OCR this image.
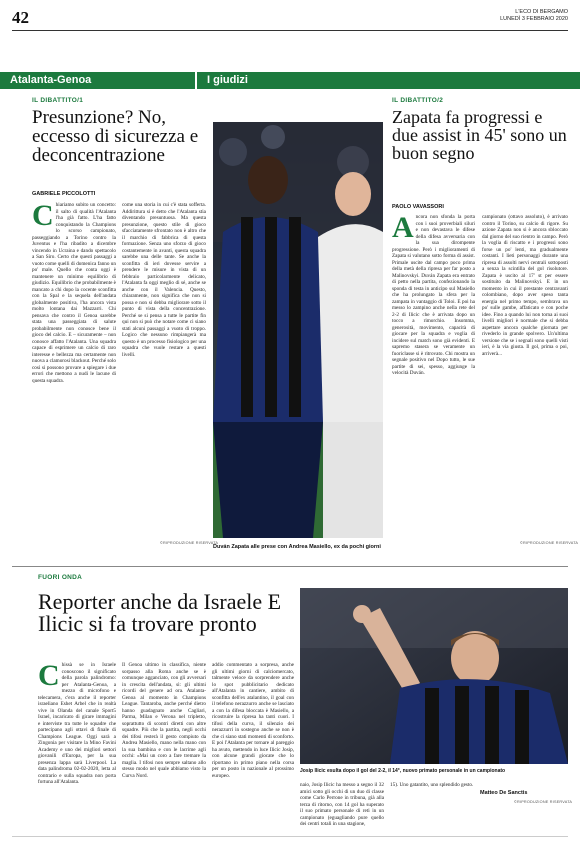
42	L'ECO DI BERGAMO
LUNEDÌ 3 FEBBRAIO 2020
Atalanta-Genoa	I giudizi
IL DIBATTITO/1
Presunzione? No, eccesso di sicurezza e deconcentrazione
GABRIELE PICCOLOTTI
Chiariamo subito un concetto: il salto di qualità l'Atalanta l'ha già fatto. L'ha fatto conquistando la Champions lo scorso campionato, passeggiando a Torino contro la Juventus e l'ha ribadito a dicembre vincendo in Ucraina e dando spettacolo a San Siro. Certo che questi passaggi a vuoto come quelli di domenica fanno un po' male. Quello che conta oggi è mantenere un minimo equilibrio di giudizio. Equilibrio che probabilmente è mancato a chi dopo la cocente sconfitta con la Spal e la sequela dell'andata globalmente positiva, l'ha ancora vista molto lontana dai Mazzarri. Chi pensava che contro il Genoa sarebbe stata una passeggiata di salute probabilmente non conosce bene il gioco del calcio. E – sicuramente – non conosce affatto l'Atalanta. Una squadra capace di esprimere un calcio di raro interesse e bellezza ma certamente non nuova a clamorosi blackout. Perché solo così si possono provare a spiegare i due errori che mettono a nudi le lacune di questa squadra.
come una storia in cui c'è stata sofferta. Addirittura si è detto che l'Atalanta stia diventando presuntuosa. Ma questa presunzione, questo stile di gioco sfacciatamente sfrontato non è altro che il marchio di fabbrica di questa formazione. Senza uno sforzo di gioco costantemente in avanti, questa squadra sarebbe una delle tante. Se anche la sconfitta di ieri dovesse servire a prendere le misure in vista di un febbraio particolarmente delicato, l'Atalanta fa oggi meglio di sé, anche se anche con il Valencia. Questo, chiaramente, non significa che non si possa e non si debba migliorare sotto il punto di vista della concentrazione. Perché se si pensa a tutte le partite fin qui non si può che notare come ci siano stati alcuni passaggi a vuoto di troppo. Logico che nessuno rimpiangerà ma questo è un processo fisiologico per una squadra che vuole restare a questi livelli.
©RIPRODUZIONE RISERVATA
Duván Zapata alle prese con Andrea Masiello, ex da pochi giorni
IL DIBATTITO/2
Zapata fa progressi e due assist in 45' sono un buon segno
PAOLO VAVASSORI
Ancora non sfonda la porta con i suoi proverbiali siluri e non devastava le difese della difesa avversaria con la sua dirompente progressione. Però i miglioramenti di Zapata si valutano sotto forma di assist. Primale uscite dal campo poco prima della metà della ripresa per far posto a Malinovskyi. Duván Zapata era entrato di petto nella partita, confezionando la sponda di testa in anticipo sul Masiello che ha prolungato la sfera per la zampata in vantaggio di Toloi. E poi ha messo lo zampino anche nella rete del 2-2 di Ilicic che è arrivata dopo un tocco a rimorchio. Insomma, generosità, movimento, capacità di giocare per la squadra e voglia di incidere sul match sono già evidenti. E sapremo stasera se veramente un fuoriclasse si è ritrovato. Chi mostra un segnale positivo nel Dopo tutto, le sue partite di sei, spesso, aggiunge la velocità Duván.
campionato (ottavo assoluto), è arrivato contro il Torino, su calcio di rigore. Su azione Zapata non si è ancora sbloccato dal giorno del suo rientro in campo. Però la voglia di riscatto e i progressi sono forse un po' lenti, ma gradualmente costanti. I lieti personaggi durante una ripresa di assolti nervi centrali sottoposti a senza la scintilla del gol risolutore. Zapata è uscito al 17' st per essere sostituito da Malinovskyi. E in un momento in cui il prestante centravanti colombiano, dopo aver speso tanta energia nel primo tempo, sembrava un po' sulle gambe, affaticato e con poche idee. Fino a quando lui non torna ai suoi livelli migliori è normale che si debba aspettare ancora qualche giornata per rivederlo in grande spolvero. Un'ultima versione che se i segnali sono quelli visti ieri, è la via giusta. Il gol, prima o poi, arriverà...
©RIPRODUZIONE RISERVATA
FUORI ONDA
Reporter anche da Israele E Ilicic si fa trovare pronto
Chissà se in Israele conoscono il significato della parola palindromo: per Atalanta-Genoa, a mezzo di microfono e telecamera, c'era anche il reporter israeliano Eshet Arbel che in realtà vive in Olanda del canale Sport5 Israel, incaricato di girare immagini e interviste tra tutte le squadre che partecipano agli ottavi di finale di Champions League. Oggi sarà a Zingonia per visitare la Mino Favini Academy e uno dei migliori settori giovanili d'Europa, per la sua presenza lappa sarà Liverpool. La data palindroma 02-02-2020, letta al contrario e sulla squadra non porta fortuna all'Atalanta.
Il Genoa ultimo in classifica, niente sorpasso alla Roma anche se è comunque agganciato, con gli avversari in crescita dell'andata, sì: gli ultimi ricordi del genere ad ora. Atalanta-Genoa al momento in Champions League. Tantaroba, anche perché dietro hanno guadagnato anche Cagliari, Parma, Milan e Verona nel tripletto, soprattutto di scontri diretti con altre squadre. Più che la partita, negli occhi dei tifosi resterà il gesto compiuto da Andrea Masiello, mano nella mano con la sua bambina e con le lacrime agli occhi: «Mai un coro a fare tremare la maglia. I tifosi non sempre saltano allo stesso modo nel quale abbiamo visto la Curva Nord.
addio commentato a sorpresa, anche gli ultimi giorni di calciomercato, talmente veloce da sorprendere anche lo spot pubblicitario dedicato all'Atalanta in cantiere, ambito di sconfitta dell'ex atalantino, il goal con il telefono nerazzurro anche se lasciato a con la difesa bloccata è Masiello, a ricostruire la ripresa ha tanti cuori. I tifosi della curva, il silenzio dei nerazzurri in sostegno anche se non è che ci siano stati momenti di sconforto. E poi l'Atalanta per tornare al pareggio ha avuto, mettendo in luce Ilicic Josip, con alcune grandi giocate che lo riportano in primo piano nella corsa per un posto in nazionale al prossimo europeo.
Josip Ilicic esulta dopo il gol del 2-2, il 14°, nuovo primato personale in un campionato
naio, Josip Ilicic ha messo a segno il 32 amici sotto gli occhi di un duo di classe come Carlo Perrone in tribuna, già alla terza di ritorno, con 14 gol ha superato il suo primato personale di reti in un campionato (eguagliando pure quello dei centri totali in una stagione,
15). Uno gatantito, uno splendido gesto.
Matteo De Sanctis
©RIPRODUZIONE RISERVATA
